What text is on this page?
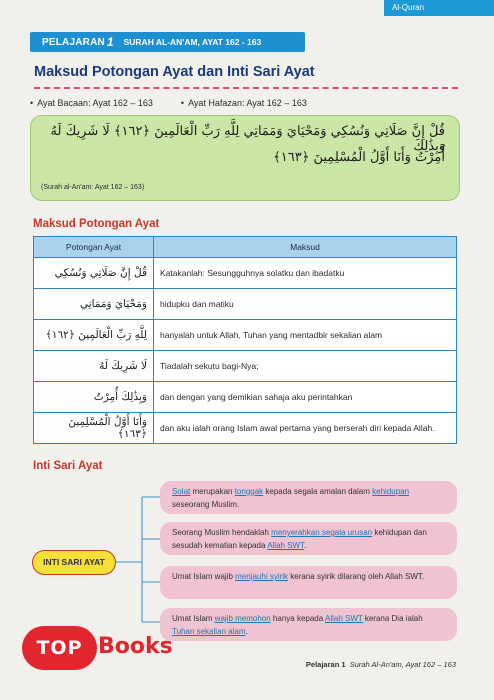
Al-Quran
PELAJARAN 1 SURAH AL-AN'AM, AYAT 162 - 163
Maksud Potongan Ayat dan Inti Sari Ayat
• Ayat Bacaan: Ayat 162 – 163	• Ayat Hafazan: Ayat 162 – 163
قُلْ إِنَّ صَلَاتِي وَنُسُكِي وَمَحْيَايَ وَمَمَاتِي لِلَّهِ رَبِّ الْعَالَمِينَ ﴿١٦٢﴾ لَا شَرِيكَ لَهُ وَبِذَٰلِكَ
أُمِرْتُ وَأَنَا أَوَّلُ الْمُسْلِمِينَ ﴿١٦٣﴾
(Surah al-An'am: Ayat 162 – 163)
Maksud Potongan Ayat
Potongan Ayat	Maksud
قُلْ إِنَّ صَلَاتِي وَنُسُكِي	Katakanlah: Sesungguhnya solatku dan ibadatku
وَمَحْيَايَ وَمَمَاتِي	hidupku dan matiku
لِلَّهِ رَبِّ الْعَالَمِينَ ﴿١٦٢﴾	hanyalah untuk Allah, Tuhan yang mentadbir sekalian alam
لَا شَرِيكَ لَهُ	Tiadalah sekutu bagi-Nya;
وَبِذَٰلِكَ أُمِرْتُ	dan dengan yang demikian sahaja aku perintahkan
وَأَنَا أَوَّلُ الْمُسْلِمِينَ ﴿١٦٣﴾	dan aku ialah orang Islam awal pertama yang berserah diri kepada Allah.
Inti Sari Ayat
INTI SARI AYAT
Solat merupakan tonggak kepada segala amalan dalam kehidupan seseorang Muslim.
Seorang Muslim hendaklah menyerahkan segala urusan kehidupan dan sesudah kematian kepada Allah SWT.
Umat Islam wajib menjauhi syirik kerana syirik dilarang oleh Allah SWT.
Umat Islam wajib memohon hanya kepada Allah SWT kerana Dia ialah Tuhan sekalian alam.
Pelajaran 1 Surah Al-An'am, Ayat 162 – 163
TOP Books
